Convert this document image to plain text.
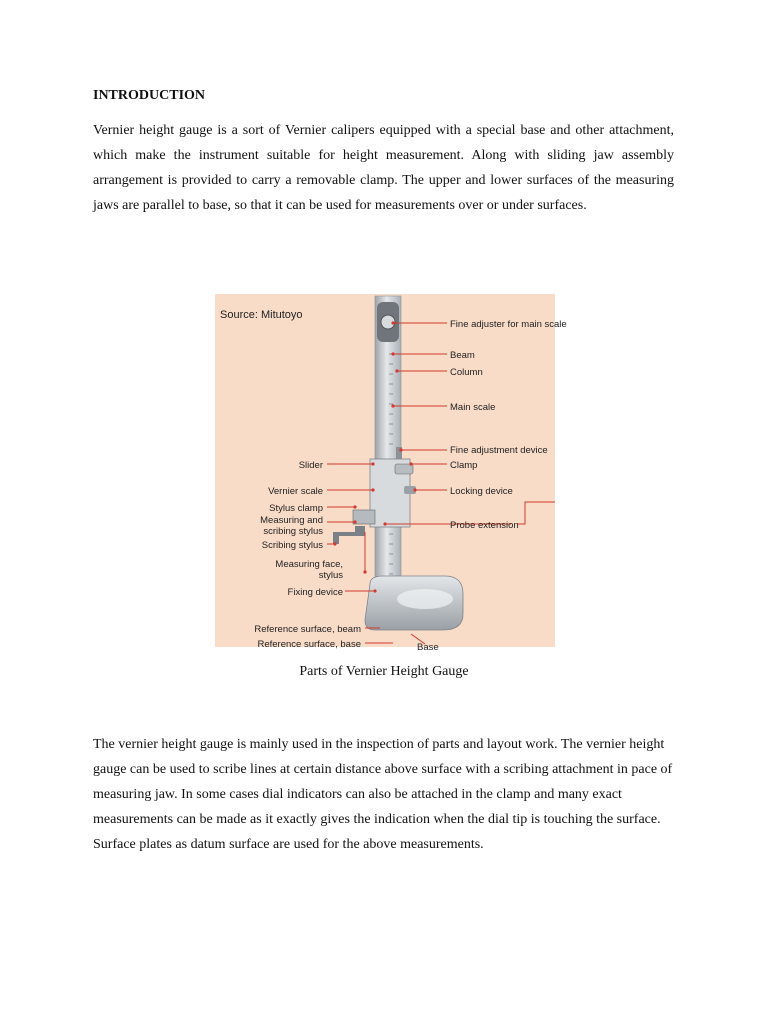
INTRODUCTION

Vernier height gauge is a sort of Vernier calipers equipped with a special base and other attachment, which make the instrument suitable for height measurement. Along with sliding jaw assembly arrangement is provided to carry a removable clamp. The upper and lower surfaces of the measuring jaws are parallel to base, so that it can be used for measurements over or under surfaces.

Source: Mitutoyo
Fine adjuster for main scale
Beam
Column
Main scale
Fine adjustment device
Clamp
Locking device
Probe extension
Base
Slider
Vernier scale
Stylus clamp
Measuring and
scribing stylus
Scribing stylus
Measuring face,
stylus
Fixing device
Reference surface, beam
Reference surface, base
Parts of Vernier Height Gauge

The vernier height gauge is mainly used in the inspection of parts and layout work. The vernier height gauge can be used to scribe lines at certain distance above surface with a scribing attachment in pace of measuring jaw. In some cases dial indicators can also be attached in the clamp and many exact measurements can be made as it exactly gives the indication when the dial tip is touching the surface. Surface plates as datum surface are used for the above measurements.
